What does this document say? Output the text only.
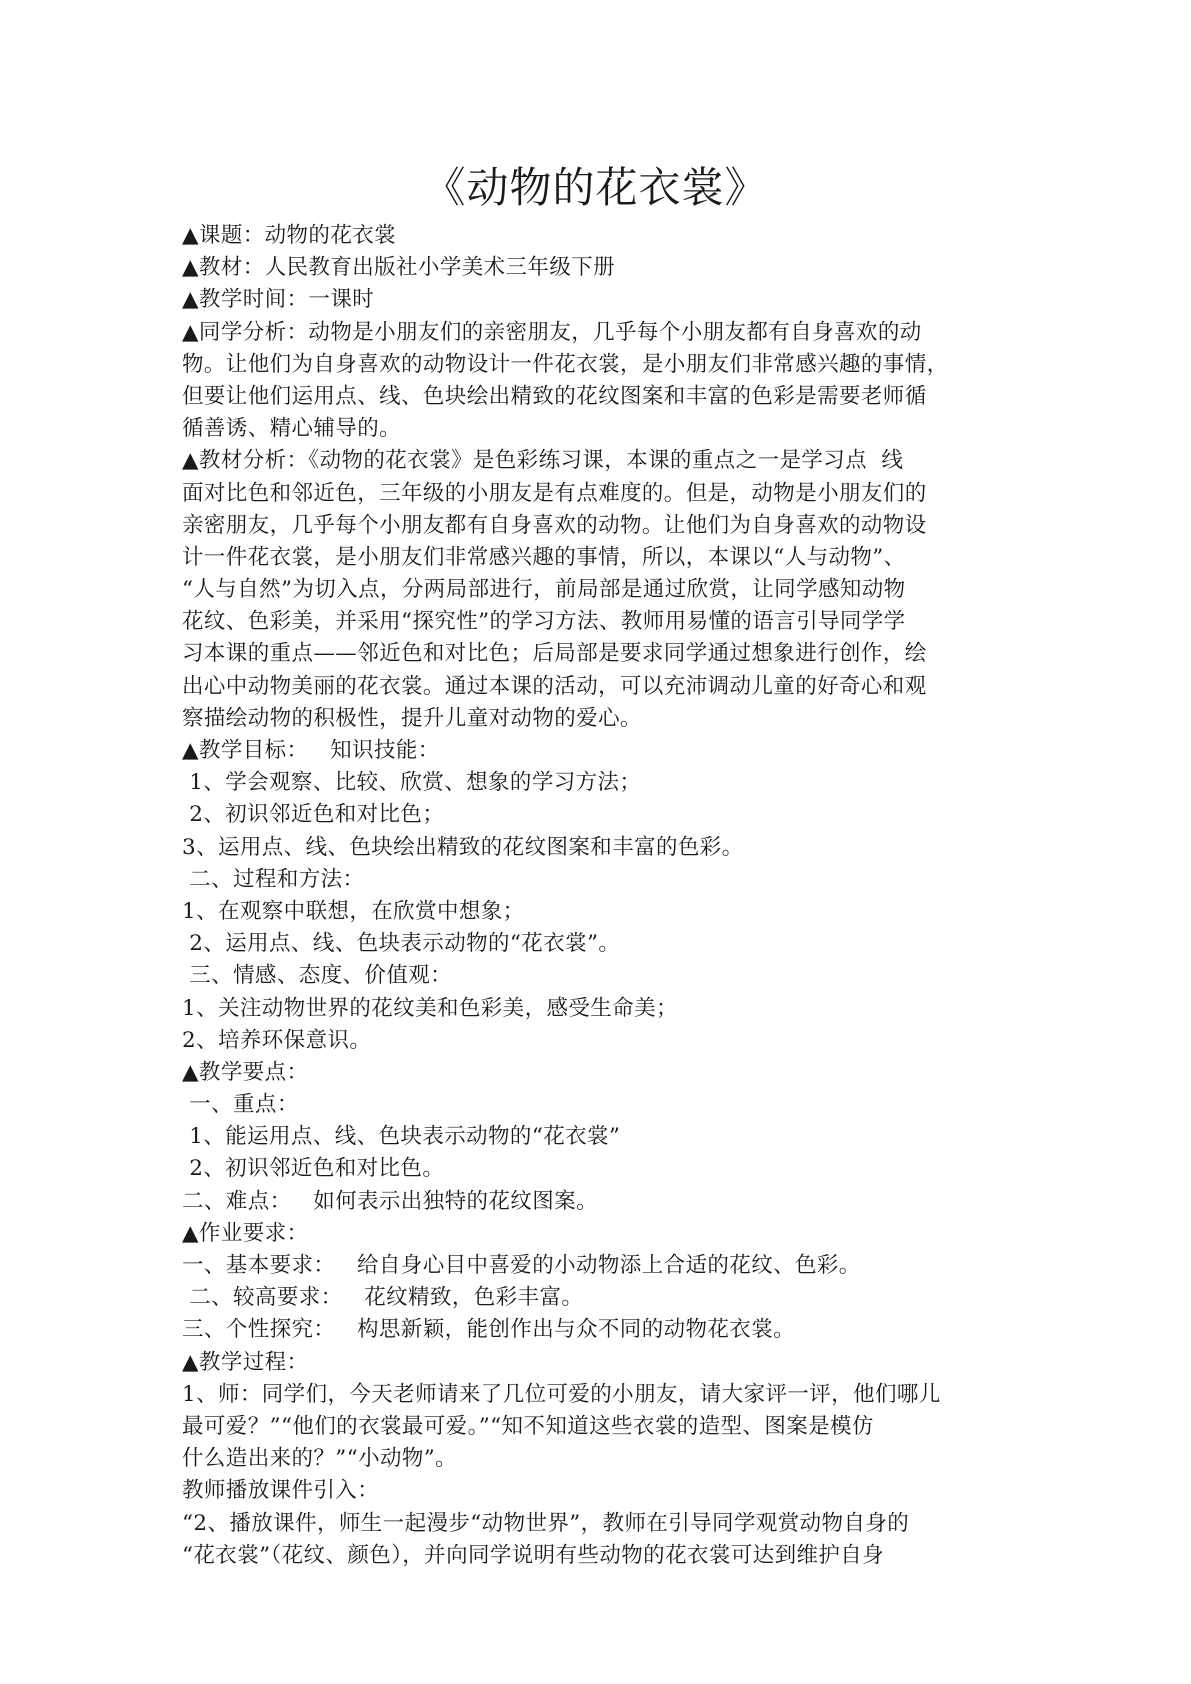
《动物的花衣裳》
▲课题：动物的花衣裳
▲教材：人民教育出版社小学美术三年级下册
▲教学时间：一课时
▲同学分析：动物是小朋友们的亲密朋友，几乎每个小朋友都有自身喜欢的动
物。让他们为自身喜欢的动物设计一件花衣裳，是小朋友们非常感兴趣的事情，
但要让他们运用点、线、色块绘出精致的花纹图案和丰富的色彩是需要老师循
循善诱、精心辅导的。
▲教材分析：《动物的花衣裳》是色彩练习课，本课的重点之一是学习点  线
面对比色和邻近色，三年级的小朋友是有点难度的。但是，动物是小朋友们的
亲密朋友，几乎每个小朋友都有自身喜欢的动物。让他们为自身喜欢的动物设
计一件花衣裳，是小朋友们非常感兴趣的事情，所以，本课以“人与动物”、
“人与自然”为切入点，分两局部进行，前局部是通过欣赏，让同学感知动物
花纹、色彩美，并采用“探究性”的学习方法、教师用易懂的语言引导同学学
习本课的重点——邻近色和对比色；后局部是要求同学通过想象进行创作，绘
出心中动物美丽的花衣裳。通过本课的活动，可以充沛调动儿童的好奇心和观
察描绘动物的积极性，提升儿童对动物的爱心。
▲教学目标：   知识技能：
1、学会观察、比较、欣赏、想象的学习方法；
2、初识邻近色和对比色；
3、运用点、线、色块绘出精致的花纹图案和丰富的色彩。
二、过程和方法：
1、在观察中联想，在欣赏中想象；
2、运用点、线、色块表示动物的“花衣裳”。
三、情感、态度、价值观：
1、关注动物世界的花纹美和色彩美，感受生命美；
2、培养环保意识。
▲教学要点：
一、重点：
1、能运用点、线、色块表示动物的“花衣裳”
2、初识邻近色和对比色。
二、难点：   如何表示出独特的花纹图案。
▲作业要求：
一、基本要求：   给自身心目中喜爱的小动物添上合适的花纹、色彩。
二、较高要求：   花纹精致，色彩丰富。
三、个性探究：   构思新颖，能创作出与众不同的动物花衣裳。
▲教学过程：
1、师：同学们，今天老师请来了几位可爱的小朋友，请大家评一评，他们哪儿
最可爱？”“他们的衣裳最可爱。”“知不知道这些衣裳的造型、图案是模仿
什么造出来的？”“小动物”。
教师播放课件引入：
“2、播放课件，师生一起漫步“动物世界”，教师在引导同学观赏动物自身的
“花衣裳”（花纹、颜色），并向同学说明有些动物的花衣裳可达到维护自身
